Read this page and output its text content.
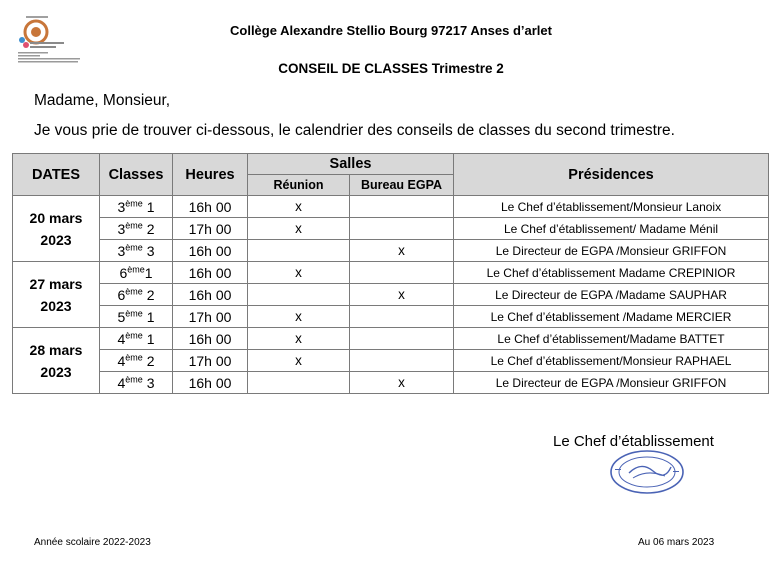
Collège Alexandre Stellio Bourg 97217 Anses d’arlet
CONSEIL DE CLASSES Trimestre 2
Madame, Monsieur,
Je vous prie de trouver ci-dessous, le calendrier des conseils de classes du second trimestre.
DATES	Classes	Heures	Salles		Présidences
			Réunion	Bureau EGPA	

20 mars
2023	3ème 1	16h 00	x		Le Chef d’établissement/Monsieur Lanoix
	3ème 2	17h 00	x		Le Chef d’établissement/ Madame Ménil
	3ème 3	16h 00		x	Le Directeur de EGPA /Monsieur GRIFFON

27 mars
2023	6ème1	16h 00	x		Le Chef d’établissement Madame CREPINIOR
	6ème 2	16h 00		x	Le Directeur de EGPA /Madame SAUPHAR
	5ème 1	17h 00	x		Le Chef d’établissement /Madame MERCIER

28 mars
2023	4ème 1	16h 00	x		Le Chef d’établissement/Madame BATTET
	4ème 2	17h 00	x		Le Chef d’établissement/Monsieur RAPHAEL
	4ème 3	16h 00		x	Le Directeur de EGPA /Monsieur GRIFFON
Le Chef d’établissement
Année scolaire 2022-2023	Au 06 mars 2023
